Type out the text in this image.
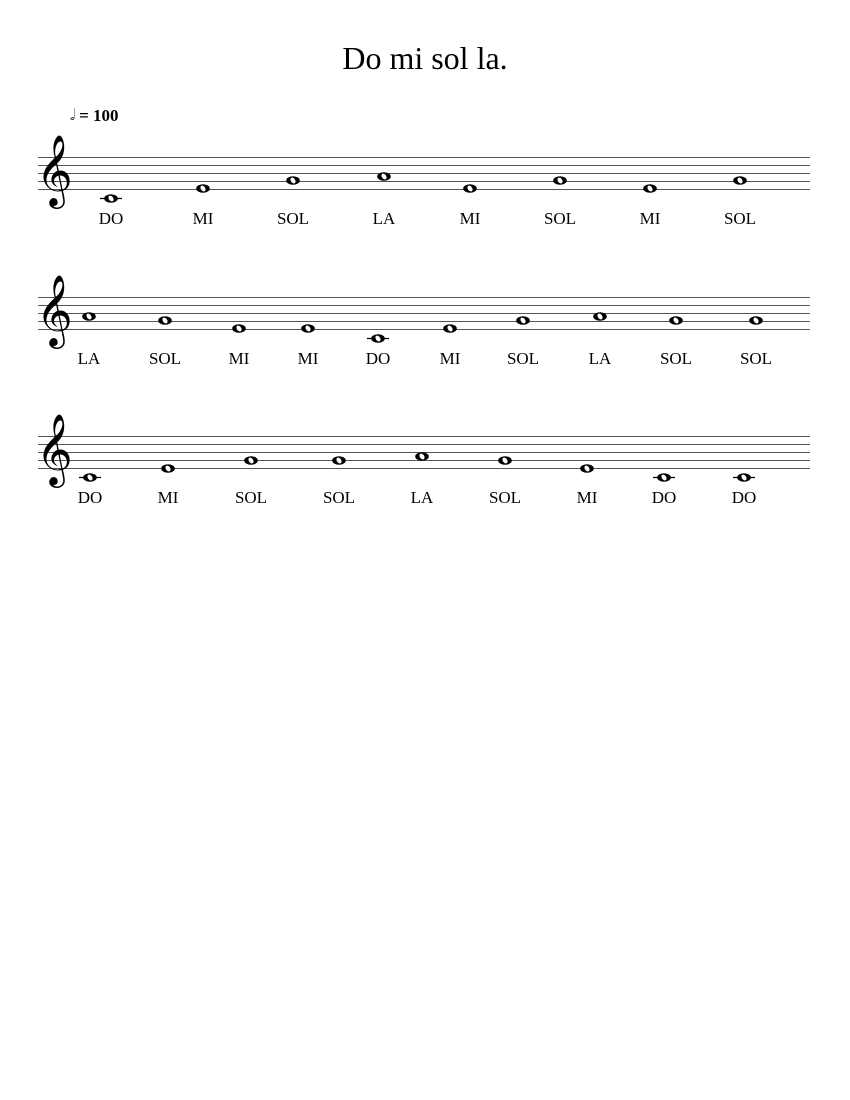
Do mi sol la.
𝅗𝅥 = 100
𝄞
DO	MI	SOL	LA	MI	SOL	MI	SOL
𝄞
LA	SOL	MI	MI	DO	MI	SOL	LA	SOL	SOL
𝄞
DO	MI	SOL	SOL	LA	SOL	MI	DO	DO
